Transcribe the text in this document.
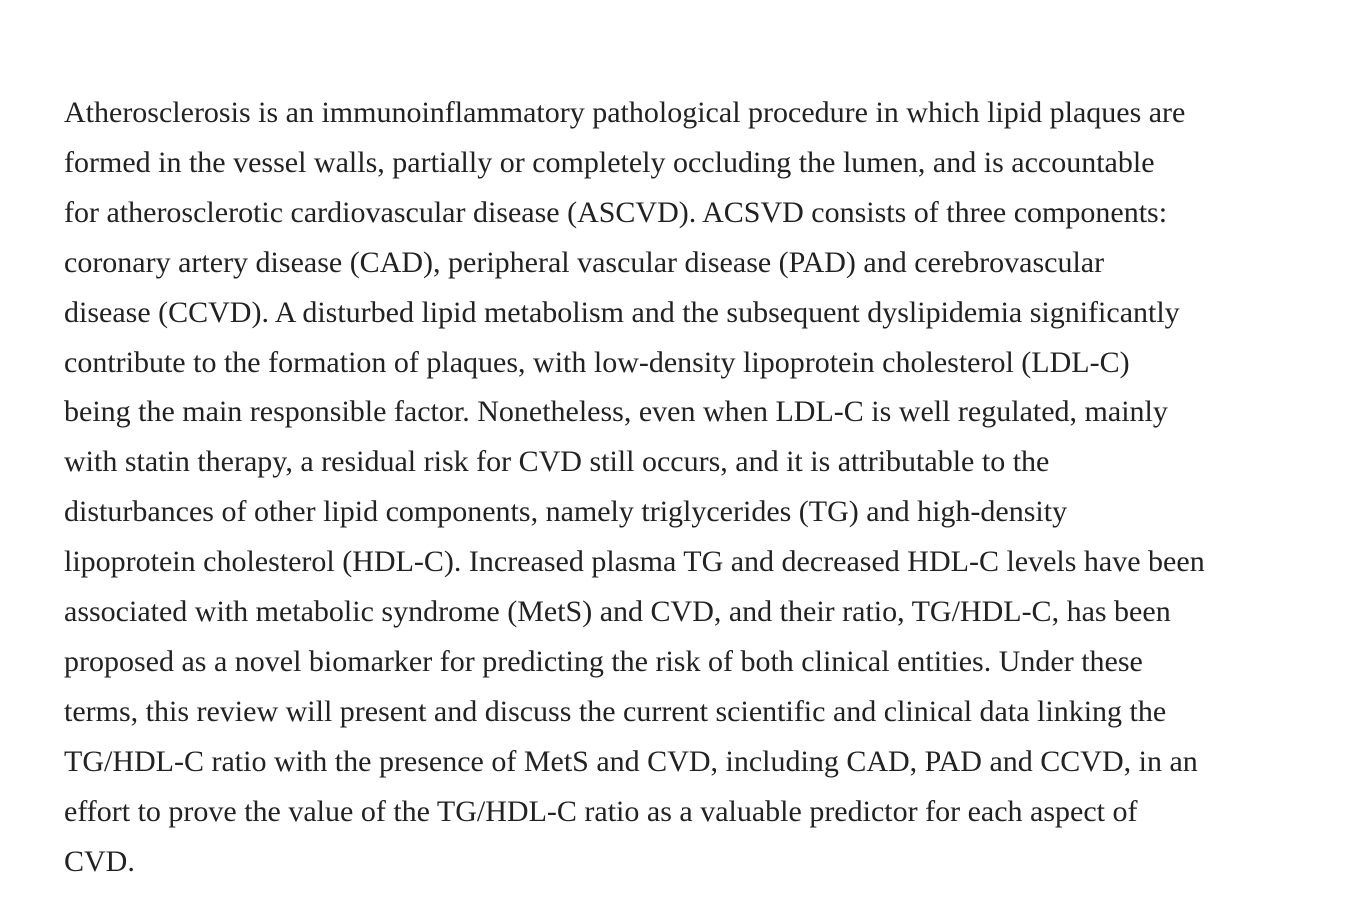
Atherosclerosis is an immunoinflammatory pathological procedure in which lipid plaques are
formed in the vessel walls, partially or completely occluding the lumen, and is accountable
for atherosclerotic cardiovascular disease (ASCVD). ACSVD consists of three components:
coronary artery disease (CAD), peripheral vascular disease (PAD) and cerebrovascular
disease (CCVD). A disturbed lipid metabolism and the subsequent dyslipidemia significantly
contribute to the formation of plaques, with low-density lipoprotein cholesterol (LDL-C)
being the main responsible factor. Nonetheless, even when LDL-C is well regulated, mainly
with statin therapy, a residual risk for CVD still occurs, and it is attributable to the
disturbances of other lipid components, namely triglycerides (TG) and high-density
lipoprotein cholesterol (HDL-C). Increased plasma TG and decreased HDL-C levels have been
associated with metabolic syndrome (MetS) and CVD, and their ratio, TG/HDL-C, has been
proposed as a novel biomarker for predicting the risk of both clinical entities. Under these
terms, this review will present and discuss the current scientific and clinical data linking the
TG/HDL-C ratio with the presence of MetS and CVD, including CAD, PAD and CCVD, in an
effort to prove the value of the TG/HDL-C ratio as a valuable predictor for each aspect of
CVD.
